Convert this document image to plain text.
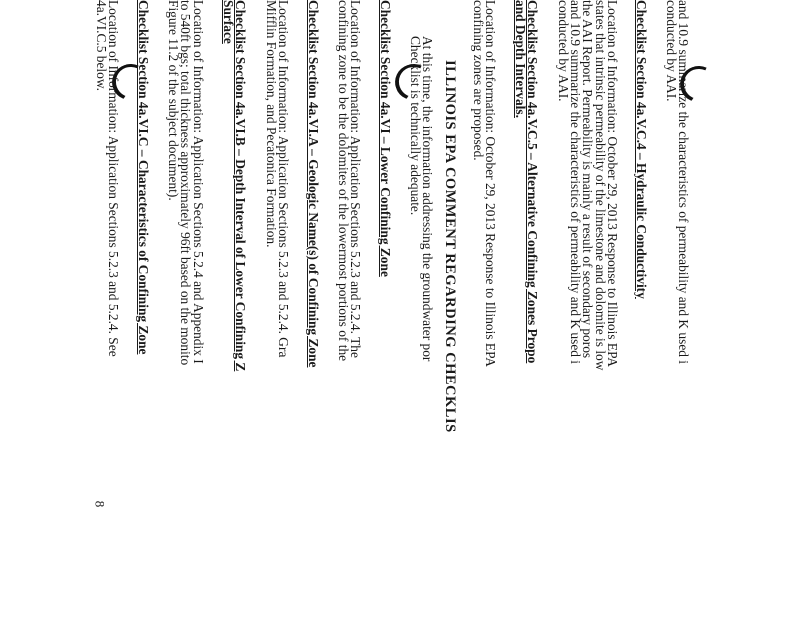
and 10.9 summarize the characteristics of permeability and K used i
conducted by AAI.
Checklist Section 4a.V.C.4 – Hydraulic Conductivity
Location of Information: October 29, 2013 Response to Illinois EPA
states that intrinsic permeability of the limestone and dolomite is low
the AAI Report. Permeability is mainly a result of secondary poros
and 10.9 summarize the characteristics of permeability and K used i
conducted by AAI.
Checklist Section 4a.V.C.5 – Alternative Confining Zones Propo
and Depth Intervals.
Location of Information: October 29, 2013 Response to Illinois EPA
confining zones are proposed.
ILLINOIS EPA COMMENT REGARDING CHECKLIS
At this time, the information addressing the groundwater por
Checklist is technically adequate.
Checklist Section 4a.VI – Lower Confining Zone
Location of Information: Application Sections 5.2.3 and 5.2.4. The
confining zone to be the dolomites of the lowermost portions of the
Checklist Section 4a.VI.A – Geologic Name(s) of Confining Zone
Location of Information: Application Sections 5.2.3 and 5.2.4. Gra
Mifflin Formation, and Pecatonica Formation.
Checklist Section 4a.VI.B – Depth Interval of Lower Confining Z
Surface
Location of Information: Application Sections 5.2.4 and Appendix I
to 540ft bgs; total thickness approximately 96ft based on the monito
Figure 11.2 of the subject document).
Checklist Section 4a.VI.C – Characteristics of Confining Zone
Location of Information: Application Sections 5.2.3 and 5.2.4. See
4a.VI.C.5 below.
8
